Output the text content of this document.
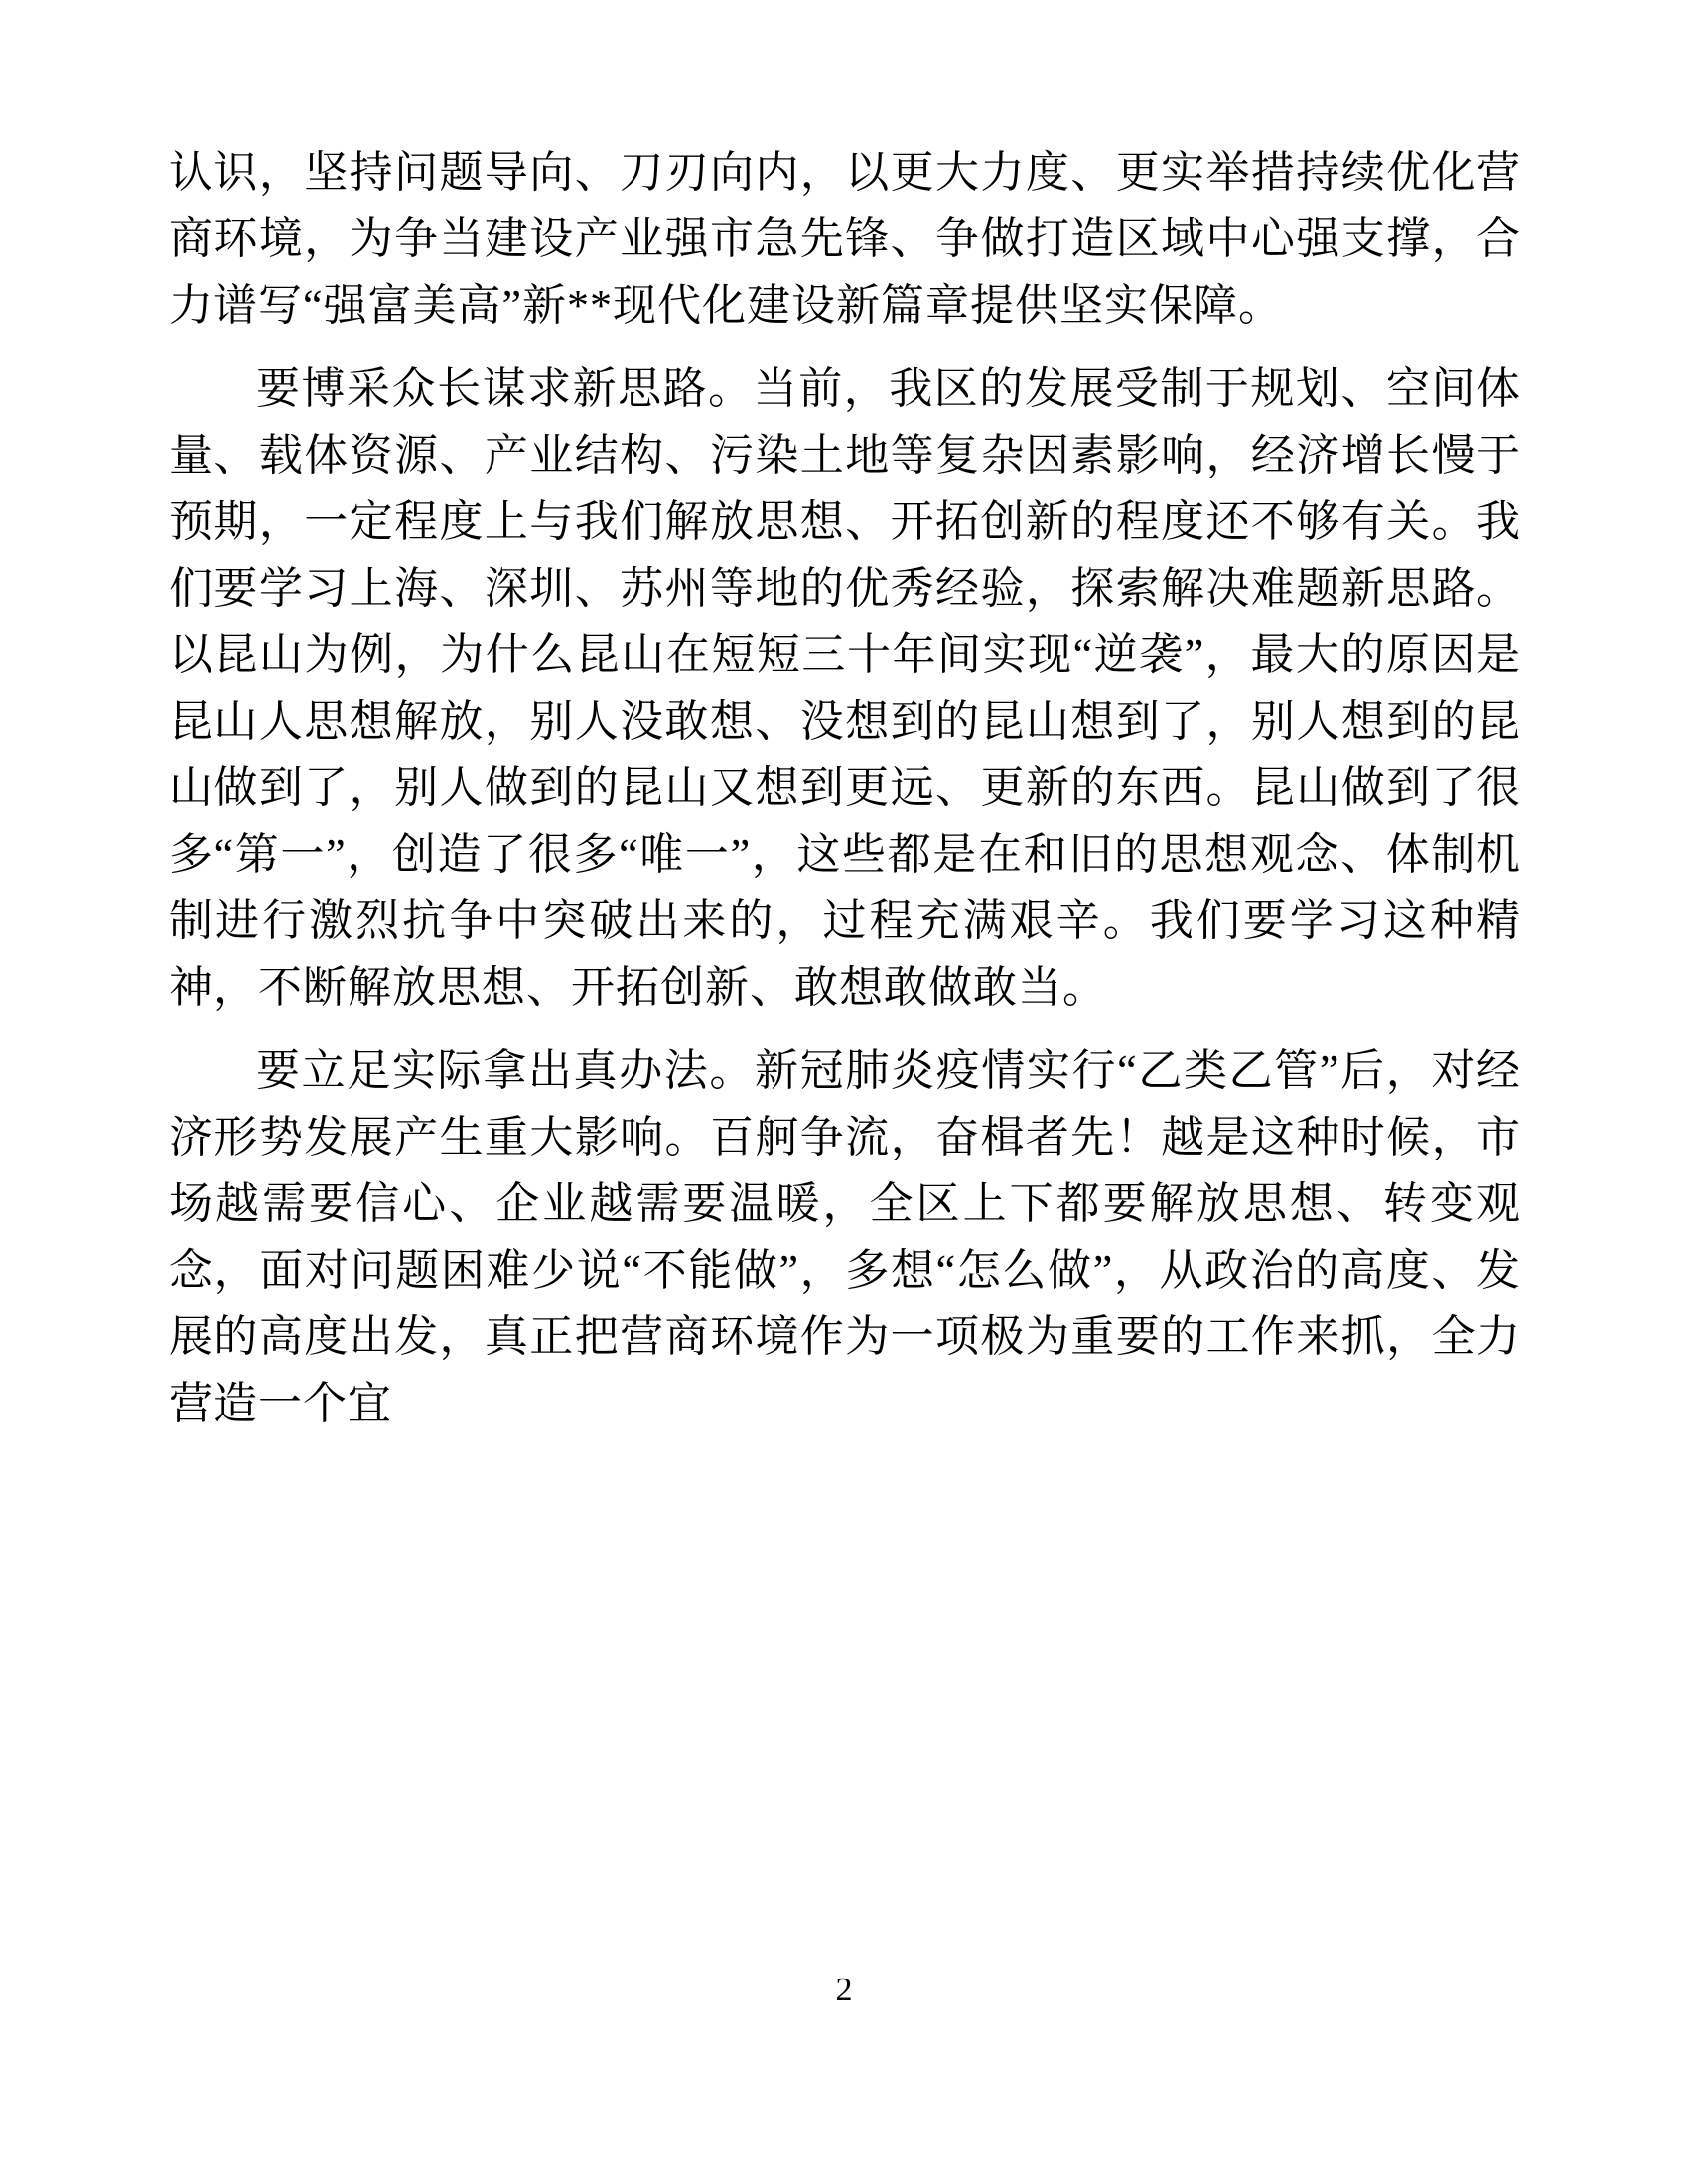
认识，坚持问题导向、刀刃向内，以更大力度、更实举措持续优化营商环境，为争当建设产业强市急先锋、争做打造区域中心强支撑，合力谱写“强富美高”新**现代化建设新篇章提供坚实保障。

要博采众长谋求新思路。当前，我区的发展受制于规划、空间体量、载体资源、产业结构、污染土地等复杂因素影响，经济增长慢于预期，一定程度上与我们解放思想、开拓创新的程度还不够有关。我们要学习上海、深圳、苏州等地的优秀经验，探索解决难题新思路。以昆山为例，为什么昆山在短短三十年间实现“逆袭”，最大的原因是昆山人思想解放，别人没敢想、没想到的昆山想到了，别人想到的昆山做到了，别人做到的昆山又想到更远、更新的东西。昆山做到了很多“第一”，创造了很多“唯一”，这些都是在和旧的思想观念、体制机制进行激烈抗争中突破出来的，过程充满艰辛。我们要学习这种精神，不断解放思想、开拓创新、敢想敢做敢当。

要立足实际拿出真办法。新冠肺炎疫情实行“乙类乙管”后，对经济形势发展产生重大影响。百舸争流，奋楫者先！越是这种时候，市场越需要信心、企业越需要温暖，全区上下都要解放思想、转变观念，面对问题困难少说“不能做”，多想“怎么做”，从政治的高度、发展的高度出发，真正把营商环境作为一项极为重要的工作来抓，全力营造一个宜

2
